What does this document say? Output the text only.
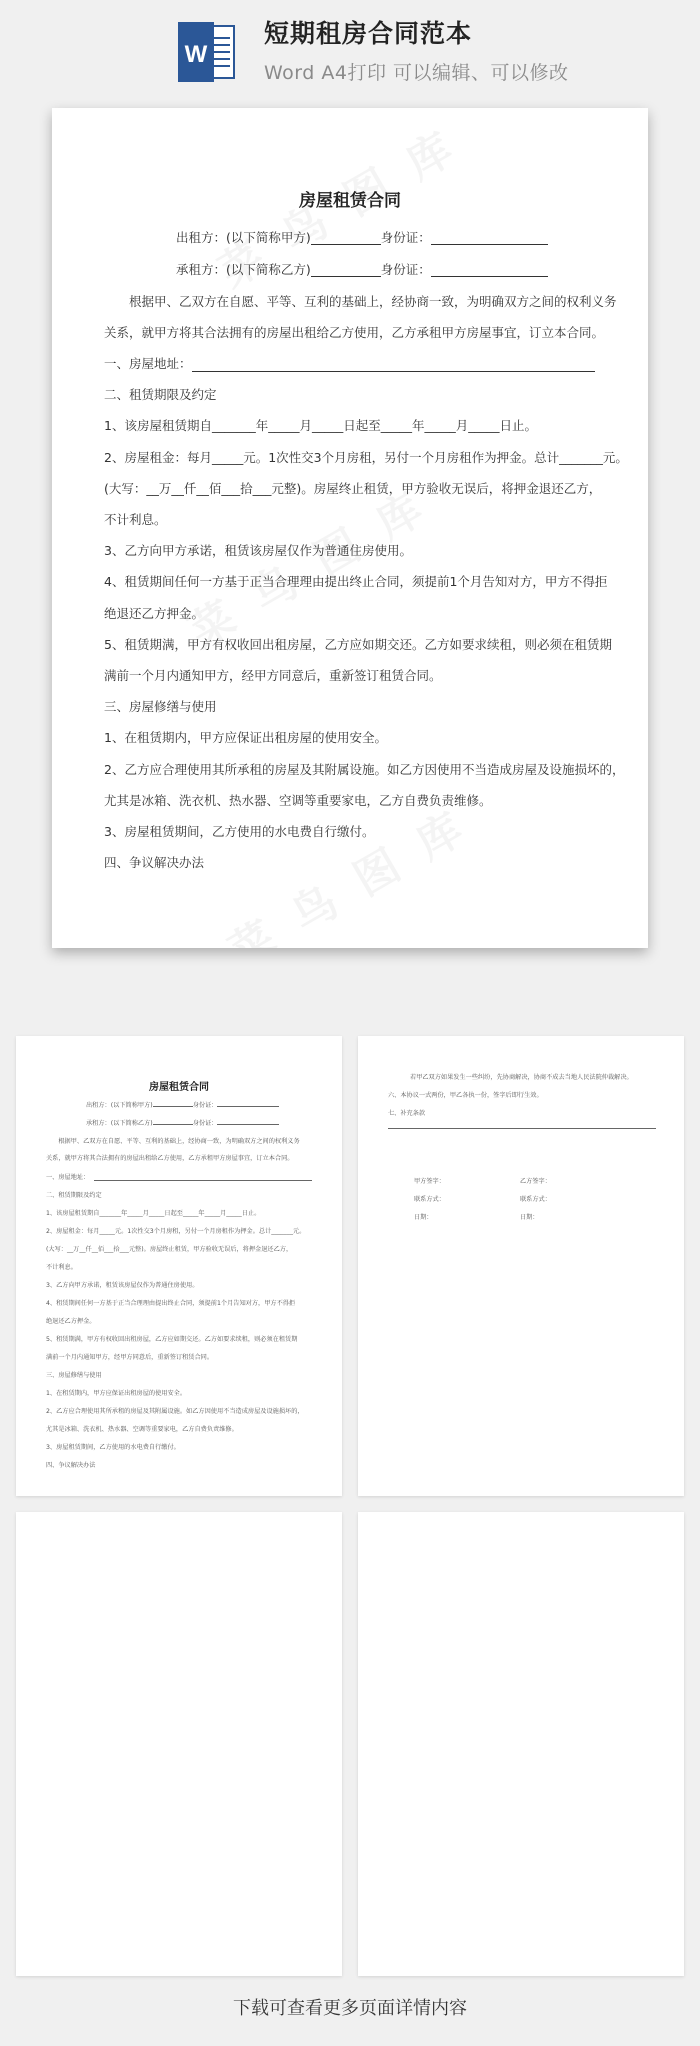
W
短期租房合同范本
Word A4打印 可以编辑、可以修改
房屋租赁合同
出租方：(以下简称甲方)	身份证：
承租方：(以下简称乙方)	身份证：
　　根据甲、乙双方在自愿、平等、互利的基础上，经协商一致，为明确双方之间的权利义务
关系，就甲方将其合法拥有的房屋出租给乙方使用，乙方承租甲方房屋事宜，订立本合同。
一、房屋地址：
二、租赁期限及约定
1、该房屋租赁期自_______年_____月_____日起至_____年_____月_____日止。
2、房屋租金：每月_____元。1次性交3个月房租，另付一个月房租作为押金。总计_______元。
(大写：__万__仟__佰___拾___元整)。房屋终止租赁，甲方验收无误后，将押金退还乙方，
不计利息。
3、乙方向甲方承诺，租赁该房屋仅作为普通住房使用。
4、租赁期间任何一方基于正当合理理由提出终止合同，须提前1个月告知对方，甲方不得拒
绝退还乙方押金。
5、租赁期满，甲方有权收回出租房屋，乙方应如期交还。乙方如要求续租，则必须在租赁期
满前一个月内通知甲方，经甲方同意后，重新签订租赁合同。
三、房屋修缮与使用
1、在租赁期内，甲方应保证出租房屋的使用安全。
2、乙方应合理使用其所承租的房屋及其附属设施。如乙方因使用不当造成房屋及设施损坏的，
尤其是冰箱、洗衣机、热水器、空调等重要家电，乙方自费负责维修。
3、房屋租赁期间，乙方使用的水电费自行缴付。
四、争议解决办法
房屋租赁合同
出租方：(以下简称甲方)	身份证：
承租方：(以下简称乙方)	身份证：
　　根据甲、乙双方在自愿、平等、互利的基础上，经协商一致，为明确双方之间的权利义务
关系，就甲方将其合法拥有的房屋出租给乙方使用，乙方承租甲方房屋事宜，订立本合同。
一、房屋地址：
二、租赁期限及约定
1、该房屋租赁期自_______年_____月_____日起至_____年_____月_____日止。
2、房屋租金：每月_____元。1次性交3个月房租，另付一个月房租作为押金。总计_______元。
(大写：__万__仟__佰___拾___元整)。房屋终止租赁，甲方验收无误后，将押金退还乙方，
不计利息。
3、乙方向甲方承诺，租赁该房屋仅作为普通住房使用。
4、租赁期间任何一方基于正当合理理由提出终止合同，须提前1个月告知对方，甲方不得拒
绝退还乙方押金。
5、租赁期满，甲方有权收回出租房屋，乙方应如期交还。乙方如要求续租，则必须在租赁期
满前一个月内通知甲方，经甲方同意后，重新签订租赁合同。
三、房屋修缮与使用
1、在租赁期内，甲方应保证出租房屋的使用安全。
2、乙方应合理使用其所承租的房屋及其附属设施。如乙方因使用不当造成房屋及设施损坏的，
尤其是冰箱、洗衣机、热水器、空调等重要家电，乙方自费负责维修。
3、房屋租赁期间，乙方使用的水电费自行缴付。
四、争议解决办法
若甲乙双方如果发生一些纠纷，先协商解决，协商不成去当地人民法院仲裁解决。
六、本协议一式两份，甲乙各执一份，签字后即行生效。
七、补充条款
甲方签字：	乙方签字：
联系方式：	联系方式：
日期：	日期：
下载可查看更多页面详情内容
